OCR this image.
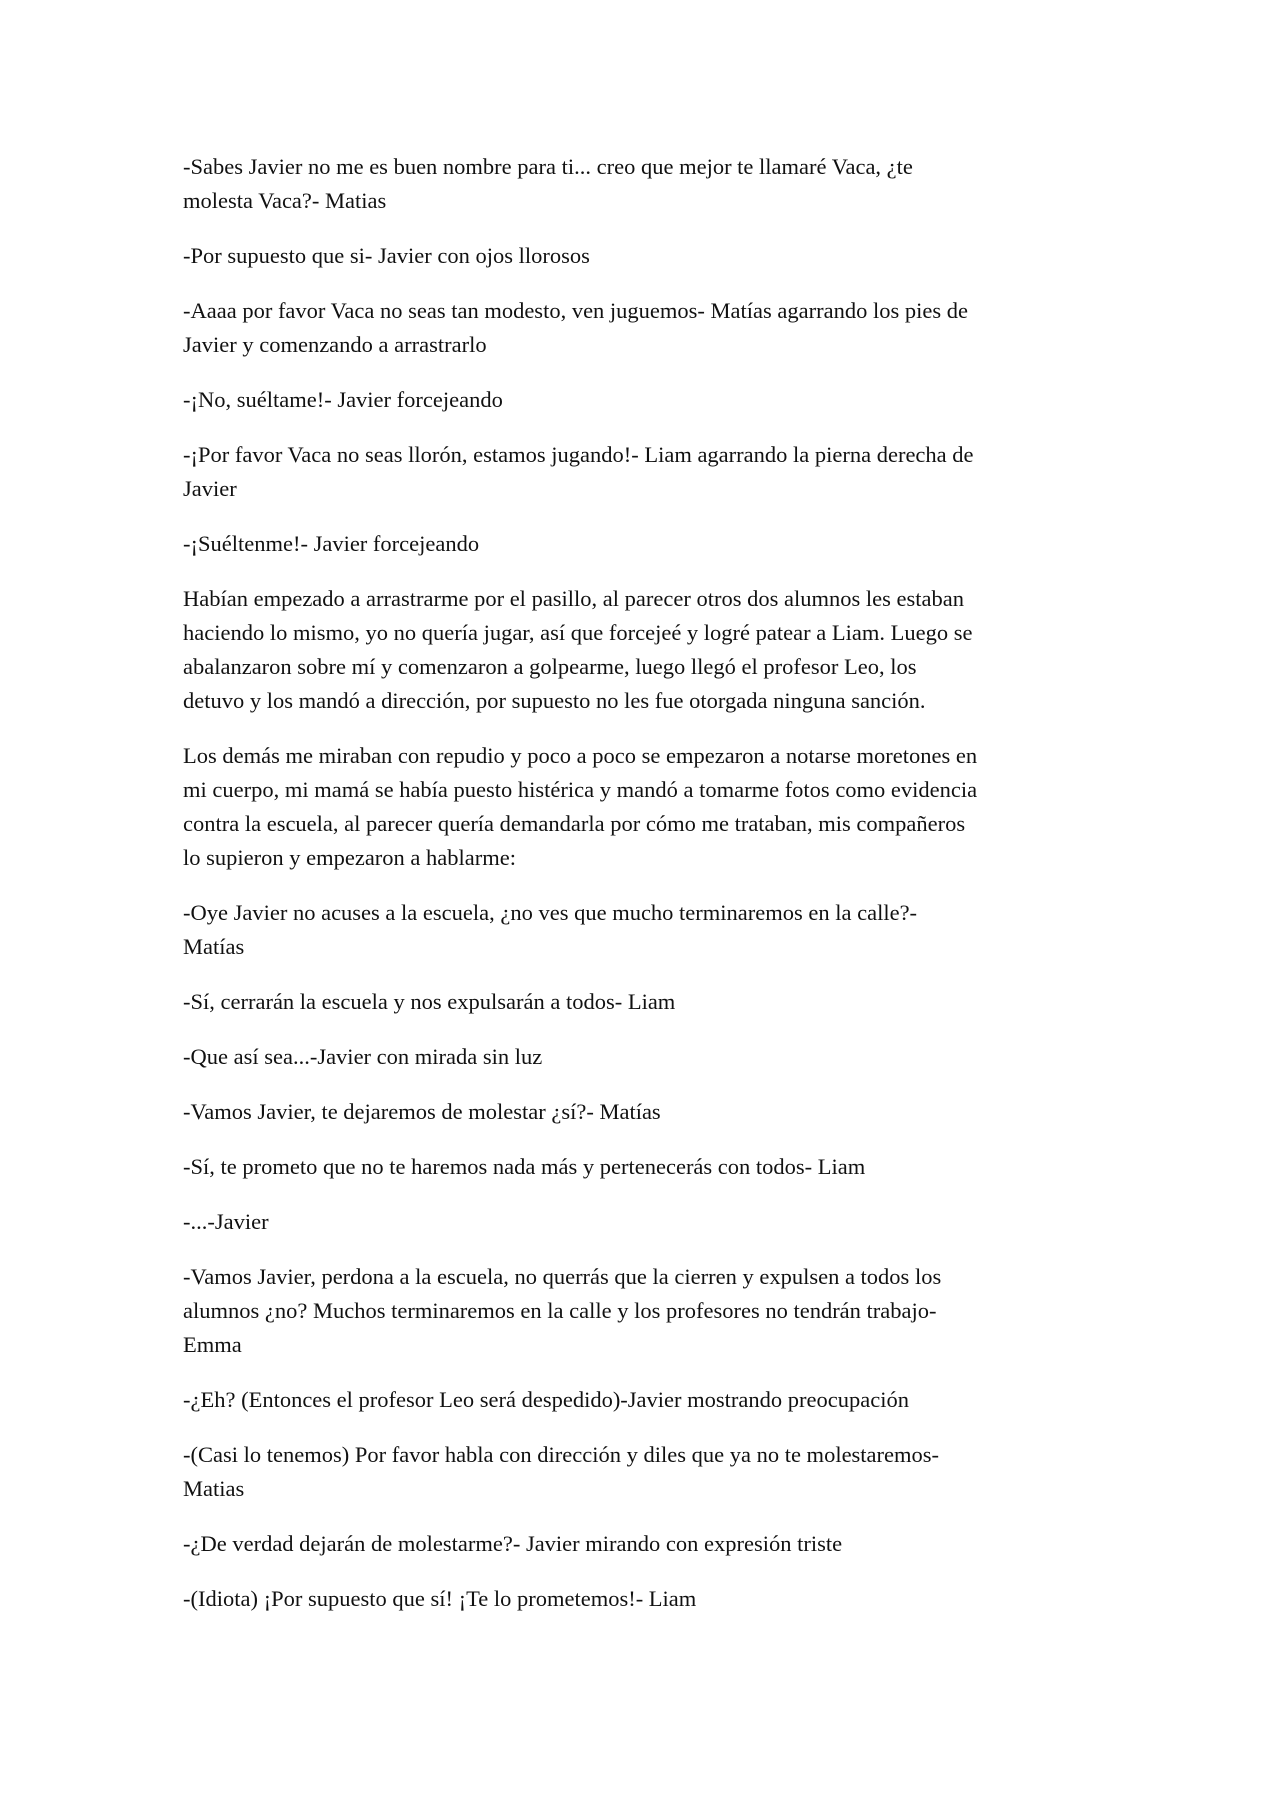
-Sabes Javier no me es buen nombre para ti... creo que mejor te llamaré Vaca, ¿te
molesta Vaca?- Matias

-Por supuesto que si- Javier con ojos llorosos

-Aaaa por favor Vaca no seas tan modesto, ven juguemos- Matías agarrando los pies de
Javier y comenzando a arrastrarlo

-¡No, suéltame!- Javier forcejeando

-¡Por favor Vaca no seas llorón, estamos jugando!- Liam agarrando la pierna derecha de
Javier

-¡Suéltenme!- Javier forcejeando

Habían empezado a arrastrarme por el pasillo, al parecer otros dos alumnos les estaban
haciendo lo mismo, yo no quería jugar, así que forcejeé y logré patear a Liam. Luego se
abalanzaron sobre mí y comenzaron a golpearme, luego llegó el profesor Leo, los
detuvo y los mandó a dirección, por supuesto no les fue otorgada ninguna sanción.

Los demás me miraban con repudio y poco a poco se empezaron a notarse moretones en
mi cuerpo, mi mamá se había puesto histérica y mandó a tomarme fotos como evidencia
contra la escuela, al parecer quería demandarla por cómo me trataban, mis compañeros
lo supieron y empezaron a hablarme:

-Oye Javier no acuses a la escuela, ¿no ves que mucho terminaremos en la calle?-
Matías

-Sí, cerrarán la escuela y nos expulsarán a todos- Liam

-Que así sea...-Javier con mirada sin luz

-Vamos Javier, te dejaremos de molestar ¿sí?- Matías

-Sí, te prometo que no te haremos nada más y pertenecerás con todos- Liam

-...-Javier

-Vamos Javier, perdona a la escuela, no querrás que la cierren y expulsen a todos los
alumnos ¿no? Muchos terminaremos en la calle y los profesores no tendrán trabajo-
Emma

-¿Eh? (Entonces el profesor Leo será despedido)-Javier mostrando preocupación

-(Casi lo tenemos) Por favor habla con dirección y diles que ya no te molestaremos-
Matias

-¿De verdad dejarán de molestarme?- Javier mirando con expresión triste

-(Idiota) ¡Por supuesto que sí! ¡Te lo prometemos!- Liam
